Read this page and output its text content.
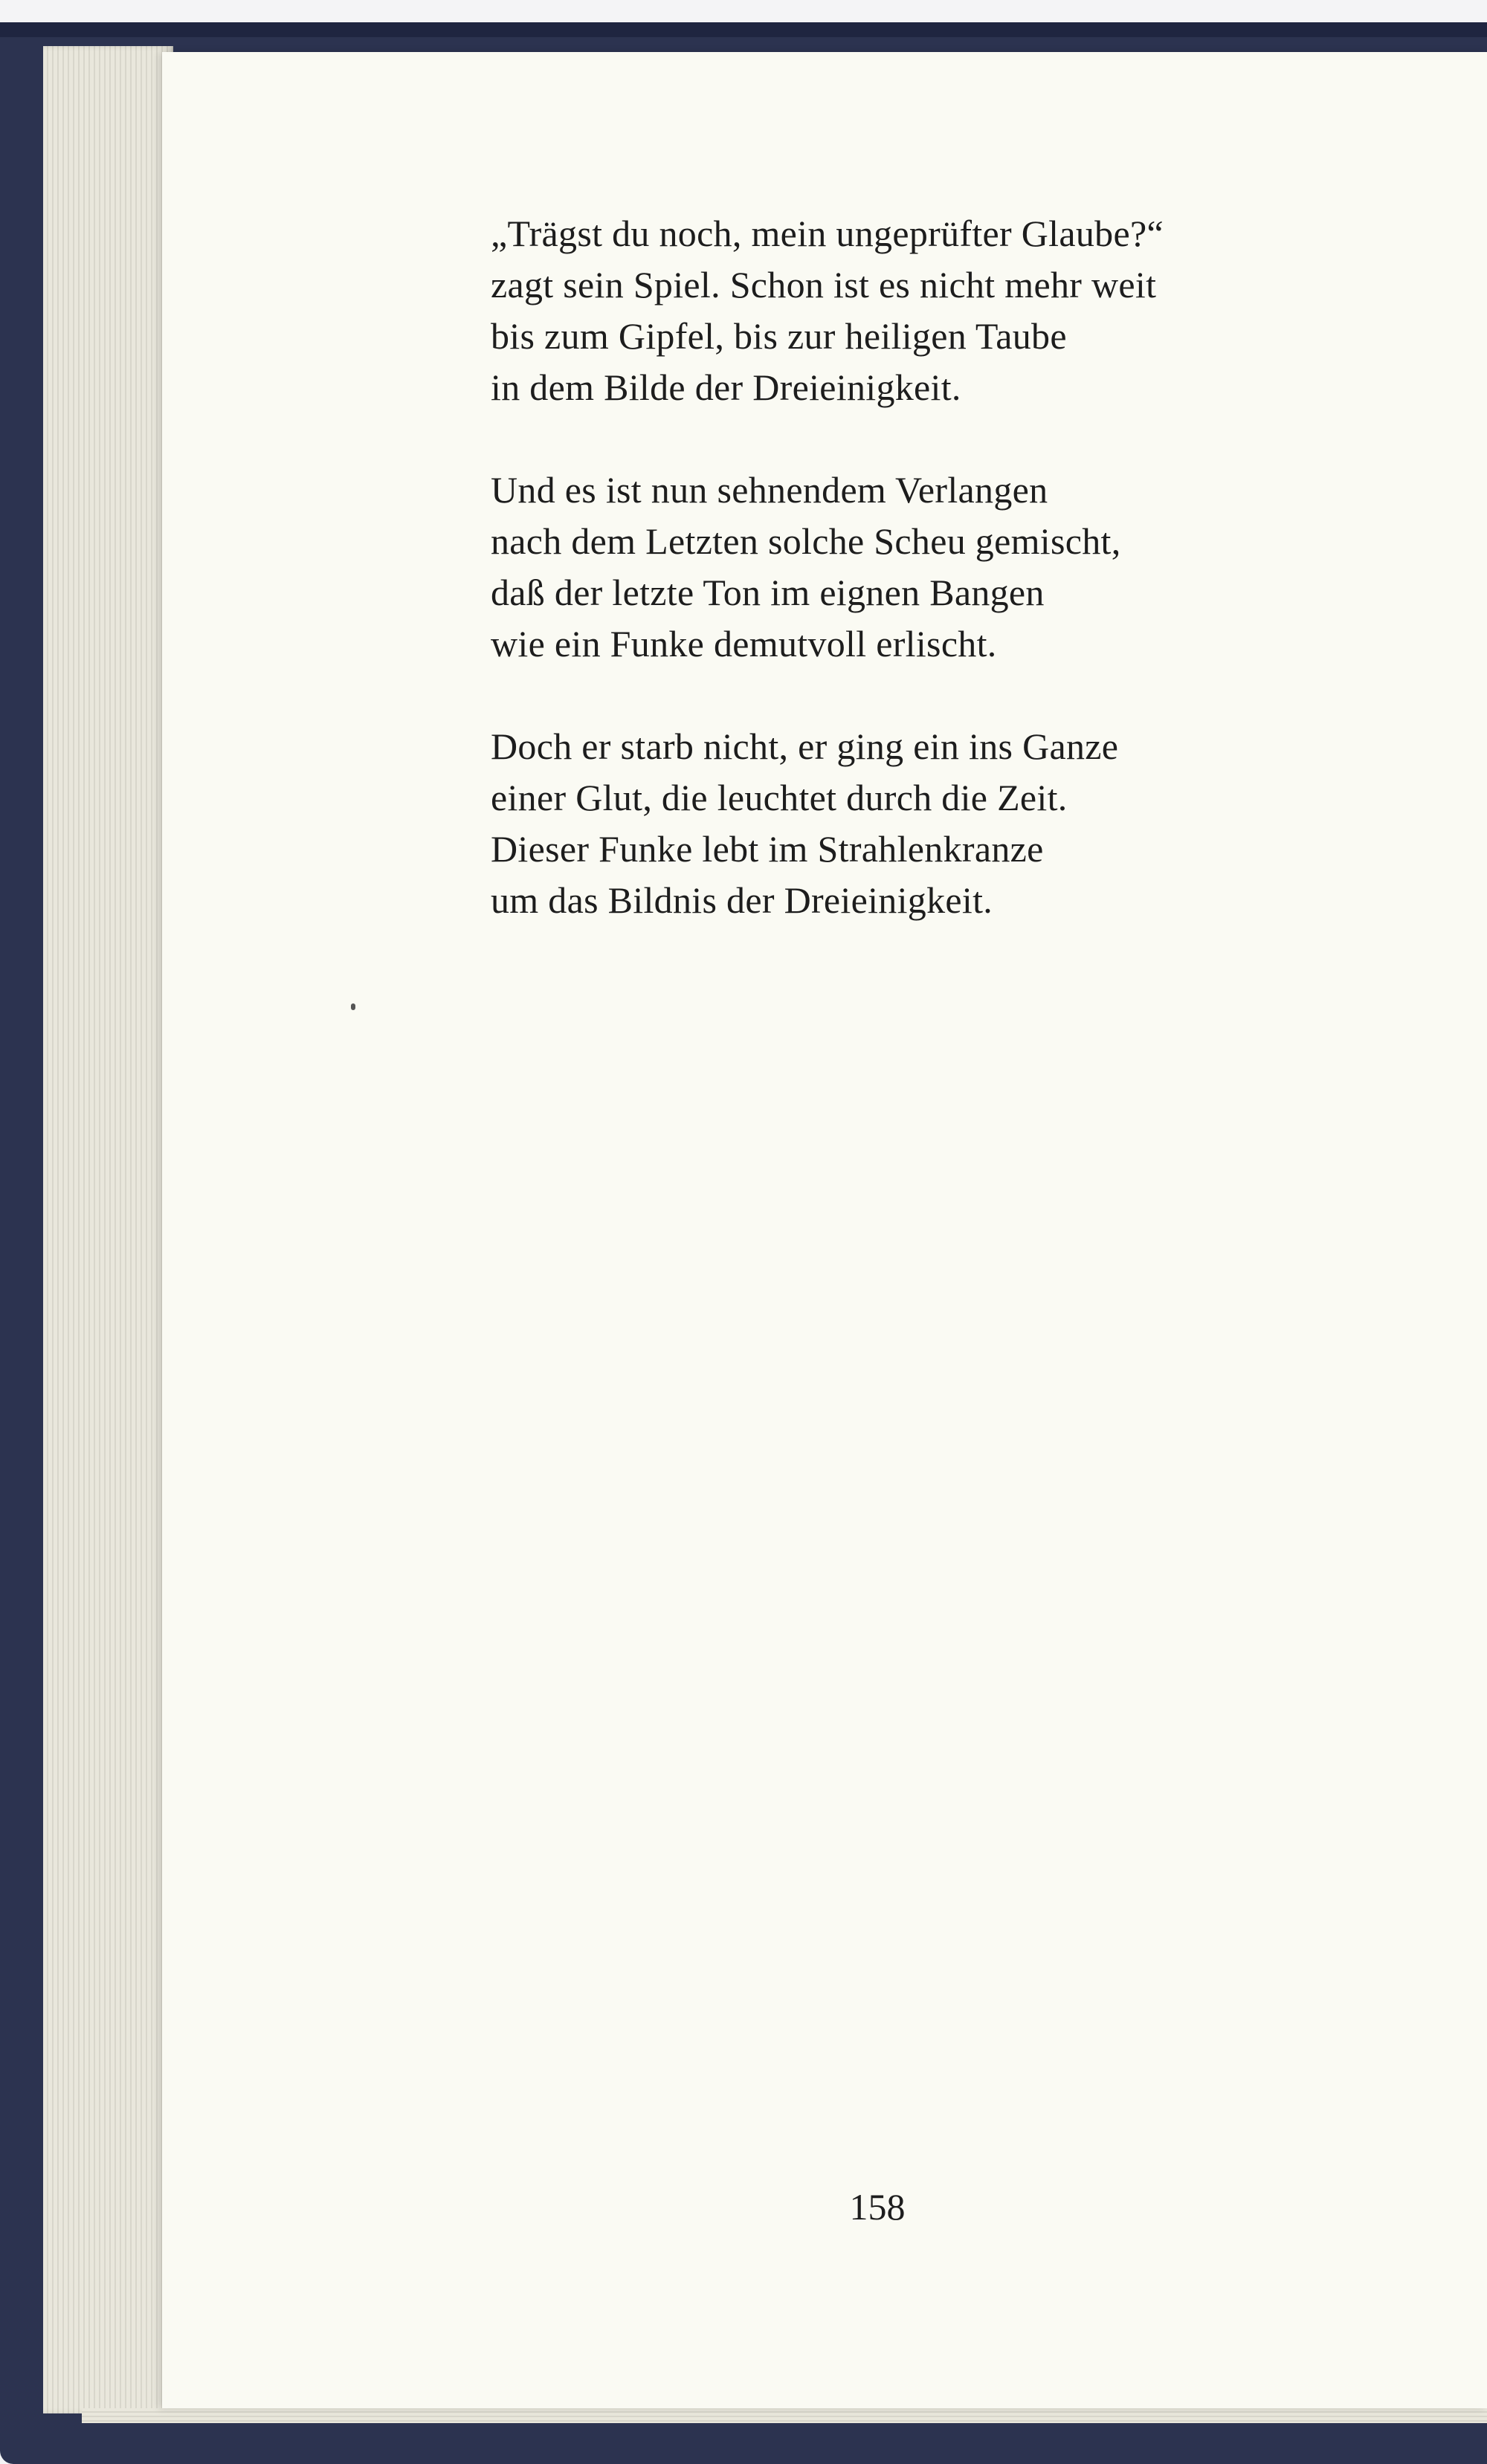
„Trägst du noch, mein ungeprüfter Glaube?“
zagt sein Spiel. Schon ist es nicht mehr weit
bis zum Gipfel, bis zur heiligen Taube
in dem Bilde der Dreieinigkeit.
Und es ist nun sehnendem Verlangen
nach dem Letzten solche Scheu gemischt,
daß der letzte Ton im eignen Bangen
wie ein Funke demutvoll erlischt.
Doch er starb nicht, er ging ein ins Ganze
einer Glut, die leuchtet durch die Zeit.
Dieser Funke lebt im Strahlenkranze
um das Bildnis der Dreieinigkeit.
158
